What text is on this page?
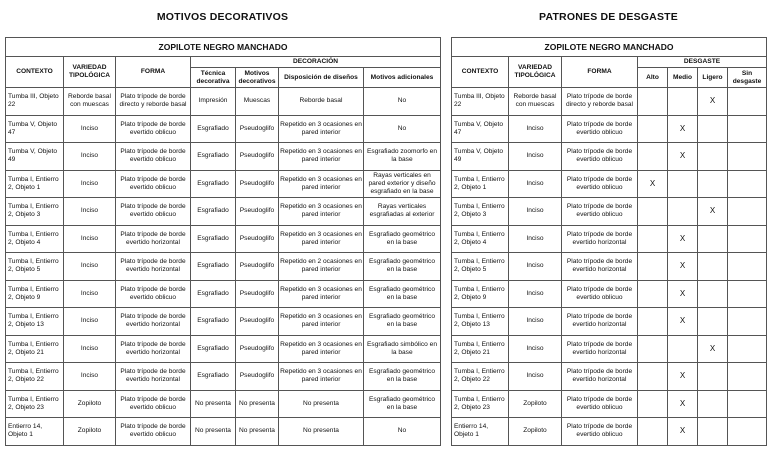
MOTIVOS DECORATIVOS	PATRONES DE DESGASTE
ZOPILOTE NEGRO MANCHADO						
CONTEXTO	VARIEDAD TIPOLÓGICA	FORMA	DECORACIÓN			
			Técnica decorativa	Motivos decorativos	Disposición de diseños	Motivos adicionales
Tumba III, Objeto 22	Reborde basal con muescas	Plato trípode de borde directo y reborde basal	Impresión	Muescas	Reborde basal	No
Tumba V, Objeto 47	Inciso	Plato trípode de borde evertido oblicuo	Esgrafiado	Pseudoglifo	Repetido en 3 ocasiones en pared interior	No
Tumba V, Objeto 49	Inciso	Plato trípode de borde evertido oblicuo	Esgrafiado	Pseudoglifo	Repetido en 3 ocasiones en pared interior	Esgrafiado zoomorfo en la base
Tumba I, Entierro 2, Objeto 1	Inciso	Plato trípode de borde evertido oblicuo	Esgrafiado	Pseudoglifo	Repetido en 3 ocasiones en pared interior	Rayas verticales en pared exterior y diseño esgrafiado en la base
Tumba I, Entierro 2, Objeto 3	Inciso	Plato trípode de borde evertido oblicuo	Esgrafiado	Pseudoglifo	Repetido en 3 ocasiones en pared interior	Rayas verticales esgrafiadas al exterior
Tumba I, Entierro 2, Objeto 4	Inciso	Plato trípode de borde evertido horizontal	Esgrafiado	Pseudoglifo	Repetido en 3 ocasiones en pared interior	Esgrafiado geométrico en la base
Tumba I, Entierro 2, Objeto 5	Inciso	Plato trípode de borde evertido horizontal	Esgrafiado	Pseudoglifo	Repetido en 2 ocasiones en pared interior	Esgrafiado geométrico en la base
Tumba I, Entierro 2, Objeto 9	Inciso	Plato trípode de borde evertido oblicuo	Esgrafiado	Pseudoglifo	Repetido en 3 ocasiones en pared interior	Esgrafiado geométrico en la base
Tumba I, Entierro 2, Objeto 13	Inciso	Plato trípode de borde evertido horizontal	Esgrafiado	Pseudoglifo	Repetido en 3 ocasiones en pared interior	Esgrafiado geométrico en la base
Tumba I, Entierro 2, Objeto 21	Inciso	Plato trípode de borde evertido horizontal	Esgrafiado	Pseudoglifo	Repetido en 3 ocasiones en pared interior	Esgrafiado simbólico en la base
Tumba I, Entierro 2, Objeto 22	Inciso	Plato trípode de borde evertido horizontal	Esgrafiado	Pseudoglifo	Repetido en 3 ocasiones en pared interior	Esgrafiado geométrico en la base
Tumba I, Entierro 2, Objeto 23	Zopiloto	Plato trípode de borde evertido oblicuo	No presenta	No presenta	No presenta	Esgrafiado geométrico en la base
Entierro 14, Objeto 1	Zopiloto	Plato trípode de borde evertido oblicuo	No presenta	No presenta	No presenta	No
ZOPILOTE NEGRO MANCHADO						
CONTEXTO	VARIEDAD TIPOLÓGICA	FORMA	DESGASTE			
			Alto	Medio	Ligero	Sin desgaste
Tumba III, Objeto 22	Reborde basal con muescas	Plato trípode de borde directo y reborde basal			X	
Tumba V, Objeto 47	Inciso	Plato trípode de borde evertido oblicuo		X		
Tumba V, Objeto 49	Inciso	Plato trípode de borde evertido oblicuo		X		
Tumba I, Entierro 2, Objeto 1	Inciso	Plato trípode de borde evertido oblicuo	X			
Tumba I, Entierro 2, Objeto 3	Inciso	Plato trípode de borde evertido oblicuo			X	
Tumba I, Entierro 2, Objeto 4	Inciso	Plato trípode de borde evertido horizontal		X		
Tumba I, Entierro 2, Objeto 5	Inciso	Plato trípode de borde evertido horizontal		X		
Tumba I, Entierro 2, Objeto 9	Inciso	Plato trípode de borde evertido oblicuo		X		
Tumba I, Entierro 2, Objeto 13	Inciso	Plato trípode de borde evertido horizontal		X		
Tumba I, Entierro 2, Objeto 21	Inciso	Plato trípode de borde evertido horizontal			X	
Tumba I, Entierro 2, Objeto 22	Inciso	Plato trípode de borde evertido horizontal		X		
Tumba I, Entierro 2, Objeto 23	Zopiloto	Plato trípode de borde evertido oblicuo		X		
Entierro 14, Objeto 1	Zopiloto	Plato trípode de borde evertido oblicuo		X		
